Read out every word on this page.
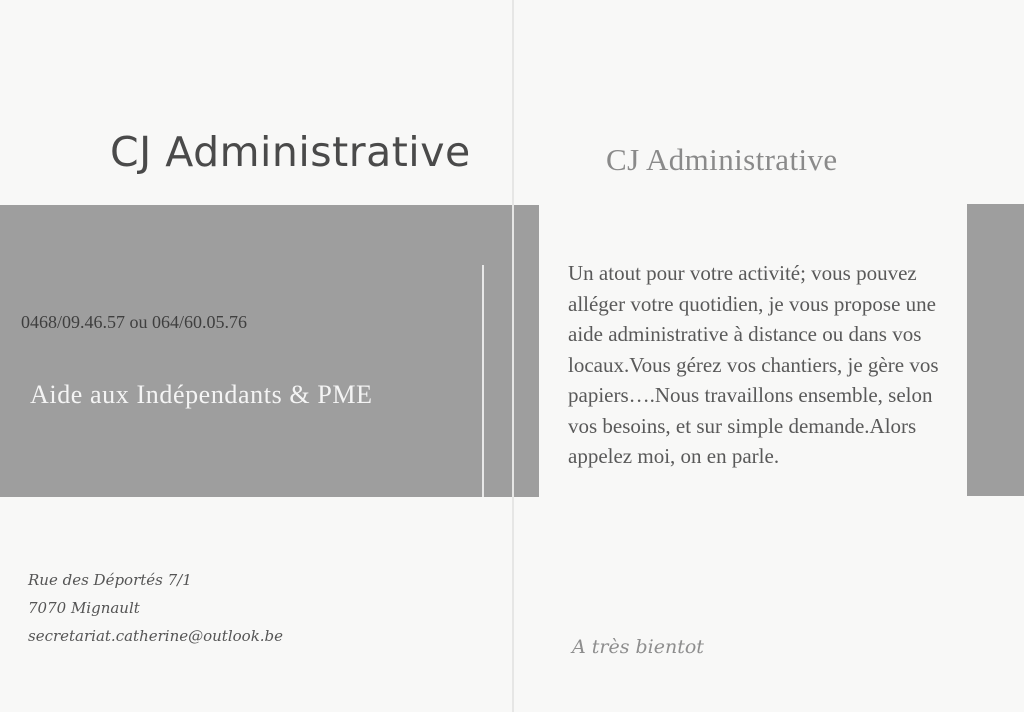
CJ Administrative
0468/09.46.57 ou 064/60.05.76
Aide aux Indépendants & PME
Rue des Déportés 7/1
7070 Mignault
secretariat.catherine@outlook.be
CJ Administrative
Un atout pour votre activité; vous pouvez alléger votre quotidien, je vous propose une aide administrative à distance ou dans vos locaux.Vous gérez vos chantiers, je gère vos papiers….Nous travaillons ensemble, selon vos besoins, et sur simple demande.Alors appelez moi, on en parle.
A très bientot
